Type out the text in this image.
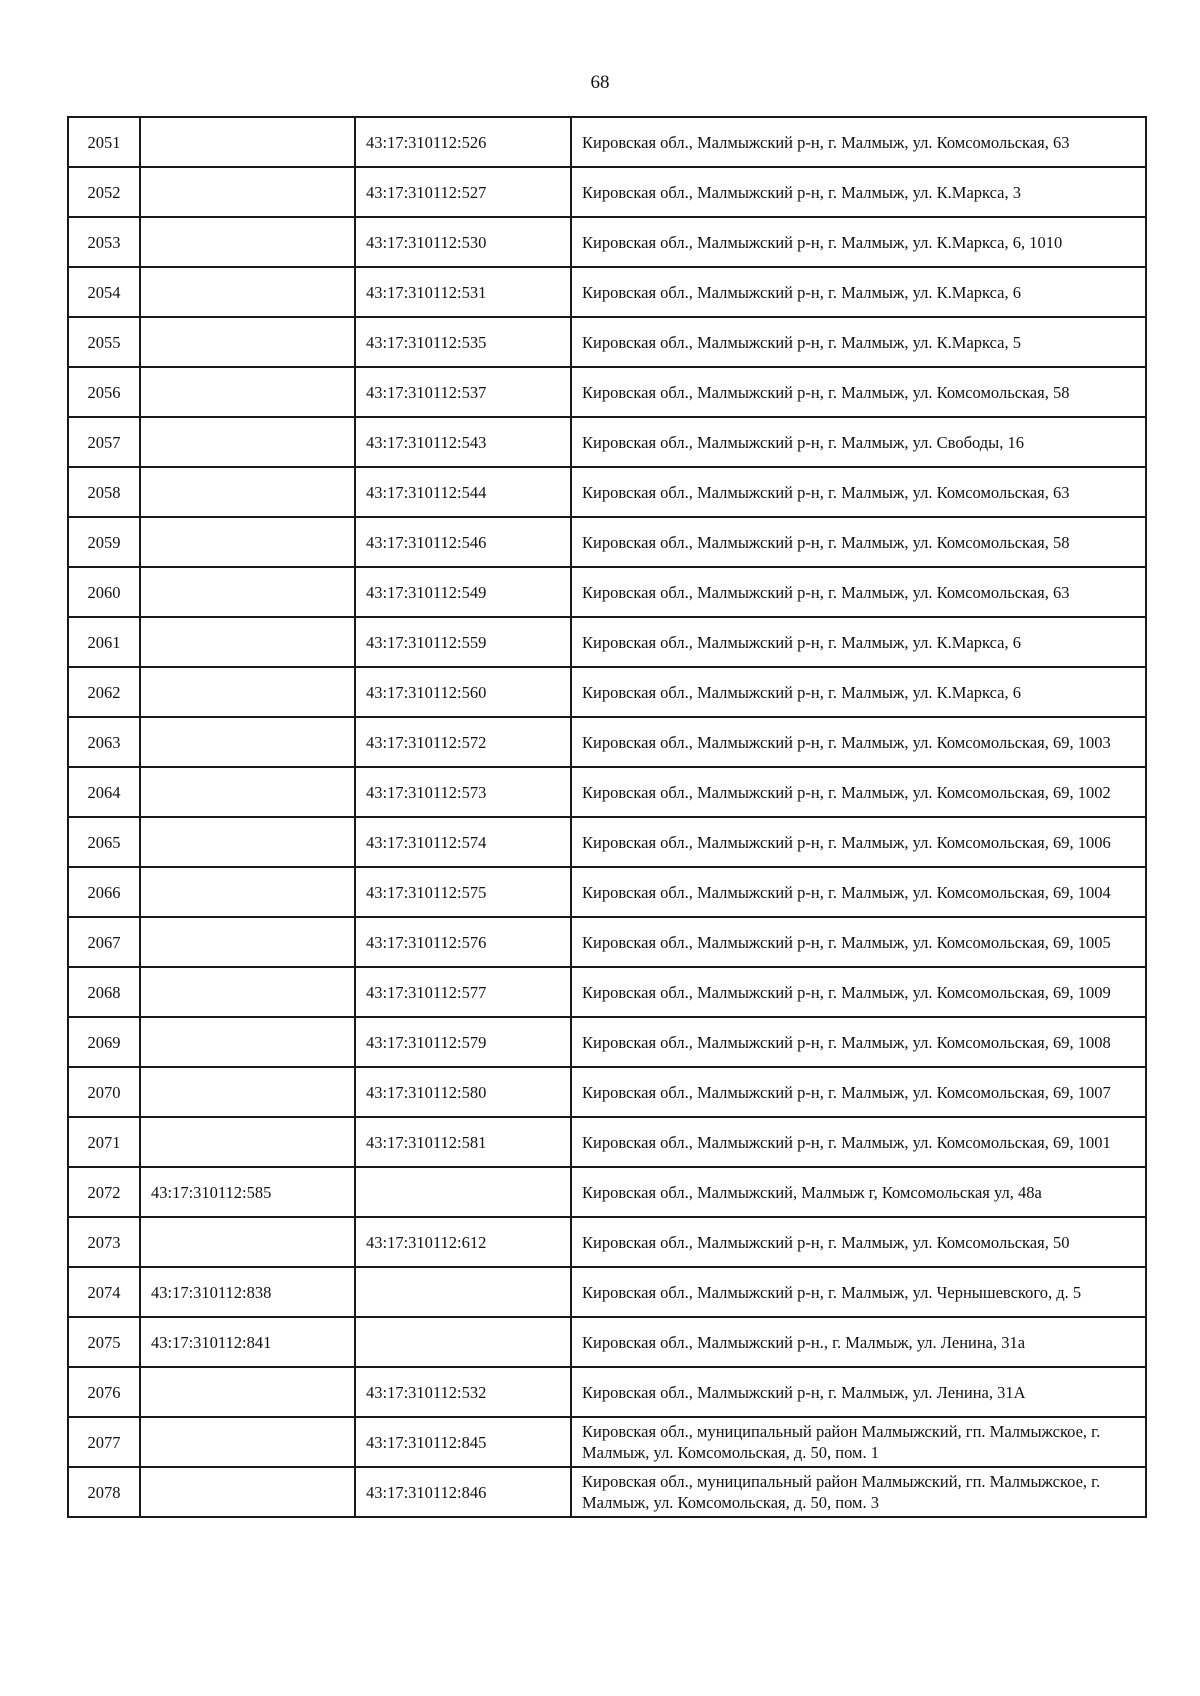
68
2051		43:17:310112:526	Кировская обл., Малмыжский р-н, г. Малмыж, ул. Комсомольская, 63
2052		43:17:310112:527	Кировская обл., Малмыжский р-н, г. Малмыж, ул. К.Маркса, 3
2053		43:17:310112:530	Кировская обл., Малмыжский р-н, г. Малмыж, ул. К.Маркса, 6, 1010
2054		43:17:310112:531	Кировская обл., Малмыжский р-н, г. Малмыж, ул. К.Маркса, 6
2055		43:17:310112:535	Кировская обл., Малмыжский р-н, г. Малмыж, ул. К.Маркса, 5
2056		43:17:310112:537	Кировская обл., Малмыжский р-н, г. Малмыж, ул. Комсомольская, 58
2057		43:17:310112:543	Кировская обл., Малмыжский р-н, г. Малмыж, ул. Свободы, 16
2058		43:17:310112:544	Кировская обл., Малмыжский р-н, г. Малмыж, ул. Комсомольская, 63
2059		43:17:310112:546	Кировская обл., Малмыжский р-н, г. Малмыж, ул. Комсомольская, 58
2060		43:17:310112:549	Кировская обл., Малмыжский р-н, г. Малмыж, ул. Комсомольская, 63
2061		43:17:310112:559	Кировская обл., Малмыжский р-н, г. Малмыж, ул. К.Маркса, 6
2062		43:17:310112:560	Кировская обл., Малмыжский р-н, г. Малмыж, ул. К.Маркса, 6
2063		43:17:310112:572	Кировская обл., Малмыжский р-н, г. Малмыж, ул. Комсомольская, 69, 1003
2064		43:17:310112:573	Кировская обл., Малмыжский р-н, г. Малмыж, ул. Комсомольская, 69, 1002
2065		43:17:310112:574	Кировская обл., Малмыжский р-н, г. Малмыж, ул. Комсомольская, 69, 1006
2066		43:17:310112:575	Кировская обл., Малмыжский р-н, г. Малмыж, ул. Комсомольская, 69, 1004
2067		43:17:310112:576	Кировская обл., Малмыжский р-н, г. Малмыж, ул. Комсомольская, 69, 1005
2068		43:17:310112:577	Кировская обл., Малмыжский р-н, г. Малмыж, ул. Комсомольская, 69, 1009
2069		43:17:310112:579	Кировская обл., Малмыжский р-н, г. Малмыж, ул. Комсомольская, 69, 1008
2070		43:17:310112:580	Кировская обл., Малмыжский р-н, г. Малмыж, ул. Комсомольская, 69, 1007
2071		43:17:310112:581	Кировская обл., Малмыжский р-н, г. Малмыж, ул. Комсомольская, 69, 1001
2072	43:17:310112:585		Кировская обл., Малмыжский, Малмыж г, Комсомольская ул, 48а
2073		43:17:310112:612	Кировская обл., Малмыжский р-н, г. Малмыж, ул. Комсомольская, 50
2074	43:17:310112:838		Кировская обл., Малмыжский р-н, г. Малмыж, ул. Чернышевского, д. 5
2075	43:17:310112:841		Кировская обл., Малмыжский р-н., г. Малмыж, ул. Ленина, 31а
2076		43:17:310112:532	Кировская обл., Малмыжский р-н, г. Малмыж, ул. Ленина, 31А
2077		43:17:310112:845	Кировская обл., муниципальный район Малмыжский, гп. Малмыжское, г. Малмыж, ул. Комсомольская, д. 50, пом. 1
2078		43:17:310112:846	Кировская обл., муниципальный район Малмыжский, гп. Малмыжское, г. Малмыж, ул. Комсомольская, д. 50, пом. 3
